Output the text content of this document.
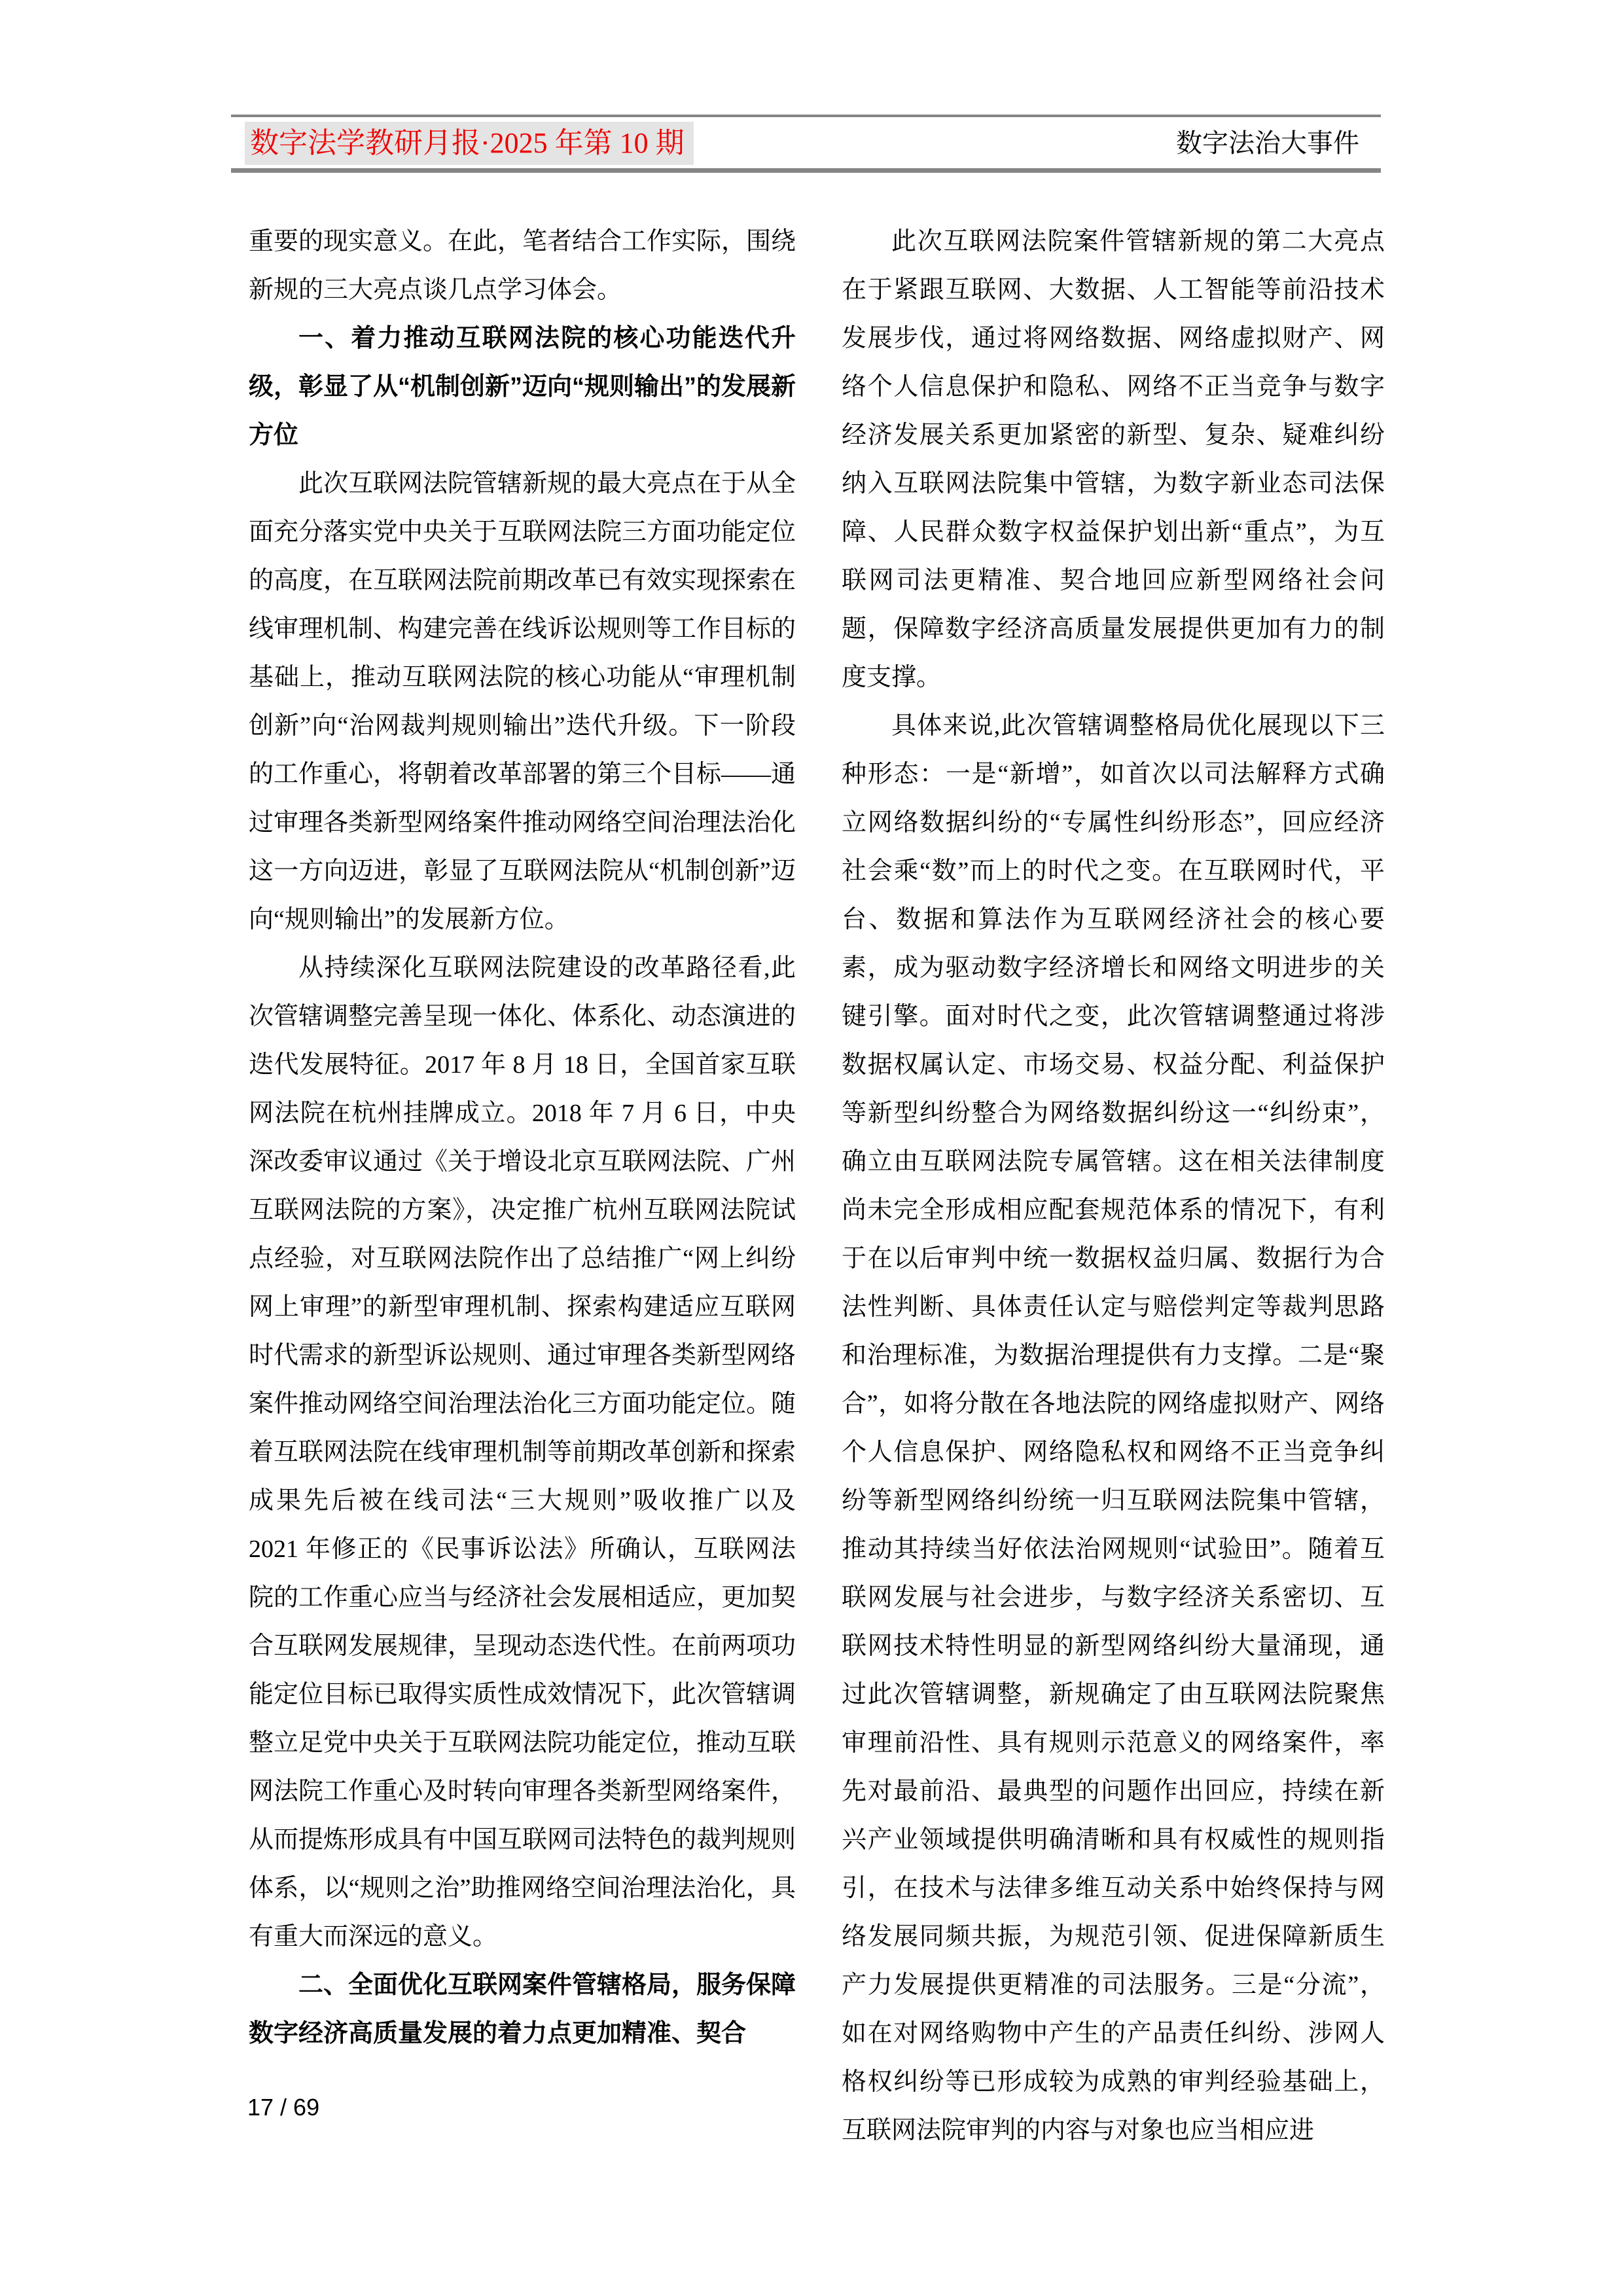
数字法学教研月报·2025 年第 10 期	数字法治大事件

重要的现实意义。在此，笔者结合工作实际，围绕新规的三大亮点谈几点学习体会。

一、着力推动互联网法院的核心功能迭代升级，彰显了从“机制创新”迈向“规则输出”的发展新方位

此次互联网法院管辖新规的最大亮点在于从全面充分落实党中央关于互联网法院三方面功能定位的高度，在互联网法院前期改革已有效实现探索在线审理机制、构建完善在线诉讼规则等工作目标的基础上，推动互联网法院的核心功能从“审理机制创新”向“治网裁判规则输出”迭代升级。下一阶段的工作重心，将朝着改革部署的第三个目标——通过审理各类新型网络案件推动网络空间治理法治化这一方向迈进，彰显了互联网法院从“机制创新”迈向“规则输出”的发展新方位。

从持续深化互联网法院建设的改革路径看,此次管辖调整完善呈现一体化、体系化、动态演进的迭代发展特征。2017 年 8 月 18 日，全国首家互联网法院在杭州挂牌成立。2018 年 7 月 6 日，中央深改委审议通过《关于增设北京互联网法院、广州互联网法院的方案》，决定推广杭州互联网法院试点经验，对互联网法院作出了总结推广“网上纠纷网上审理”的新型审理机制、探索构建适应互联网时代需求的新型诉讼规则、通过审理各类新型网络案件推动网络空间治理法治化三方面功能定位。随着互联网法院在线审理机制等前期改革创新和探索成果先后被在线司法“三大规则”吸收推广以及 2021 年修正的《民事诉讼法》所确认，互联网法院的工作重心应当与经济社会发展相适应，更加契合互联网发展规律，呈现动态迭代性。在前两项功能定位目标已取得实质性成效情况下，此次管辖调整立足党中央关于互联网法院功能定位，推动互联网法院工作重心及时转向审理各类新型网络案件，从而提炼形成具有中国互联网司法特色的裁判规则体系，以“规则之治”助推网络空间治理法治化，具有重大而深远的意义。

二、全面优化互联网案件管辖格局，服务保障数字经济高质量发展的着力点更加精准、契合

此次互联网法院案件管辖新规的第二大亮点在于紧跟互联网、大数据、人工智能等前沿技术发展步伐，通过将网络数据、网络虚拟财产、网络个人信息保护和隐私、网络不正当竞争与数字经济发展关系更加紧密的新型、复杂、疑难纠纷纳入互联网法院集中管辖，为数字新业态司法保障、人民群众数字权益保护划出新“重点”，为互联网司法更精准、契合地回应新型网络社会问题，保障数字经济高质量发展提供更加有力的制度支撑。

具体来说,此次管辖调整格局优化展现以下三种形态：一是“新增”，如首次以司法解释方式确立网络数据纠纷的“专属性纠纷形态”，回应经济社会乘“数”而上的时代之变。在互联网时代，平台、数据和算法作为互联网经济社会的核心要素，成为驱动数字经济增长和网络文明进步的关键引擎。面对时代之变，此次管辖调整通过将涉数据权属认定、市场交易、权益分配、利益保护等新型纠纷整合为网络数据纠纷这一“纠纷束”，确立由互联网法院专属管辖。这在相关法律制度尚未完全形成相应配套规范体系的情况下，有利于在以后审判中统一数据权益归属、数据行为合法性判断、具体责任认定与赔偿判定等裁判思路和治理标准，为数据治理提供有力支撑。二是“聚合”，如将分散在各地法院的网络虚拟财产、网络个人信息保护、网络隐私权和网络不正当竞争纠纷等新型网络纠纷统一归互联网法院集中管辖，推动其持续当好依法治网规则“试验田”。随着互联网发展与社会进步，与数字经济关系密切、互联网技术特性明显的新型网络纠纷大量涌现，通过此次管辖调整，新规确定了由互联网法院聚焦审理前沿性、具有规则示范意义的网络案件，率先对最前沿、最典型的问题作出回应，持续在新兴产业领域提供明确清晰和具有权威性的规则指引，在技术与法律多维互动关系中始终保持与网络发展同频共振，为规范引领、促进保障新质生产力发展提供更精准的司法服务。三是“分流”，如在对网络购物中产生的产品责任纠纷、涉网人格权纠纷等已形成较为成熟的审判经验基础上，互联网法院审判的内容与对象也应当相应进

17 / 69
